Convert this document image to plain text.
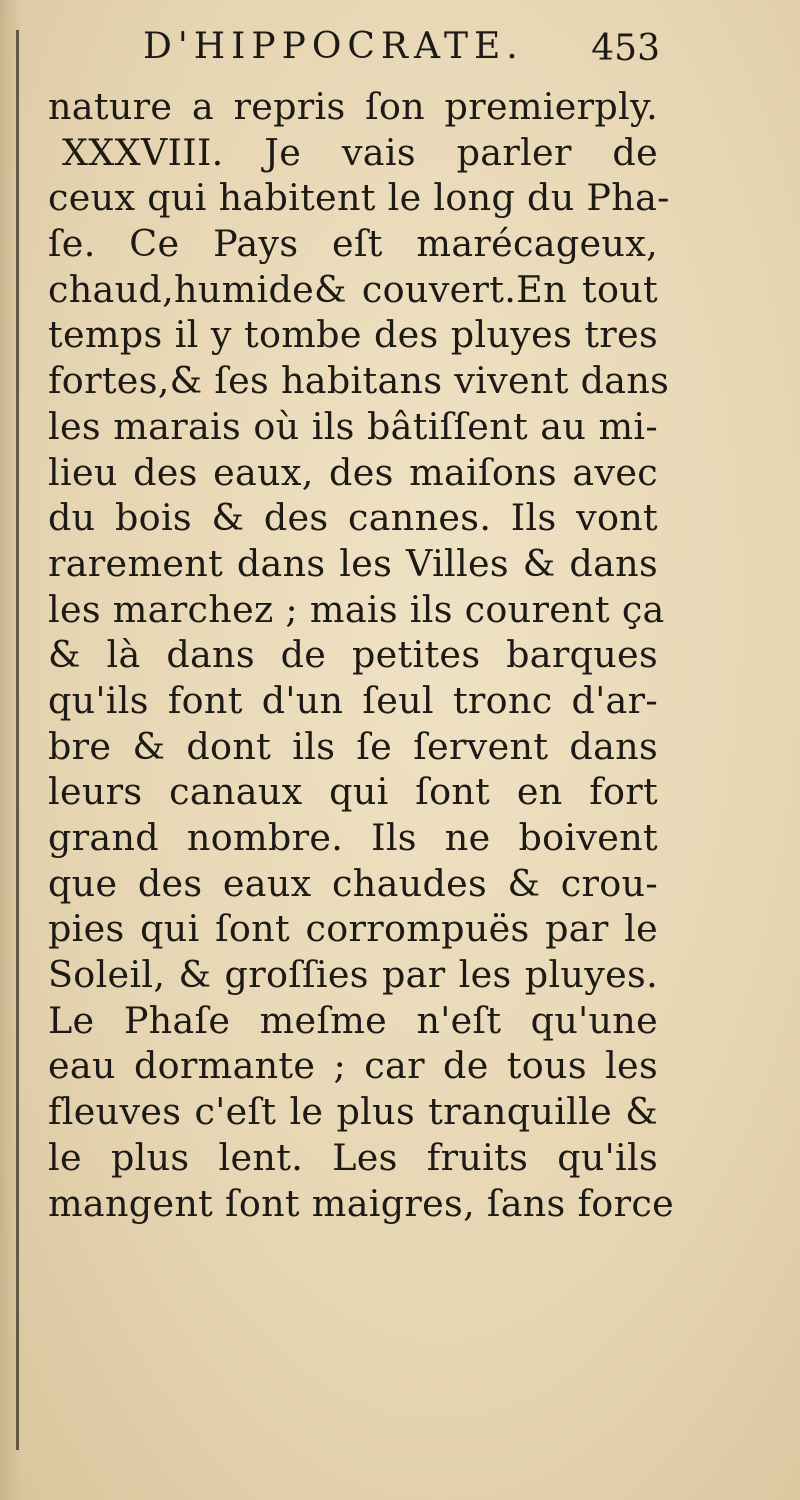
D'HIPPOCRATE. 453
nature a repris ſon premierply.
XXXVIII. Je vais parler de
ceux qui habitent le long du Pha-
ſe. Ce Pays eſt marécageux,
chaud,humide& couvert.En tout
temps il y tombe des pluyes tres
fortes,& ſes habitans vivent dans
les marais où ils bâtiſſent au mi-
lieu des eaux, des maiſons avec
du bois & des cannes. Ils vont
rarement dans les Villes & dans
les marchez ; mais ils courent ça
& là dans de petites barques
qu'ils font d'un ſeul tronc d'ar-
bre & dont ils ſe ſervent dans
leurs canaux qui ſont en fort
grand nombre. Ils ne boivent
que des eaux chaudes & crou-
pies qui ſont corrompuës par le
Soleil, & groſſies par les pluyes.
Le Phaſe meſme n'eſt qu'une
eau dormante ; car de tous les
fleuves c'eſt le plus tranquille &
le plus lent. Les fruits qu'ils
mangent ſont maigres, ſans force
